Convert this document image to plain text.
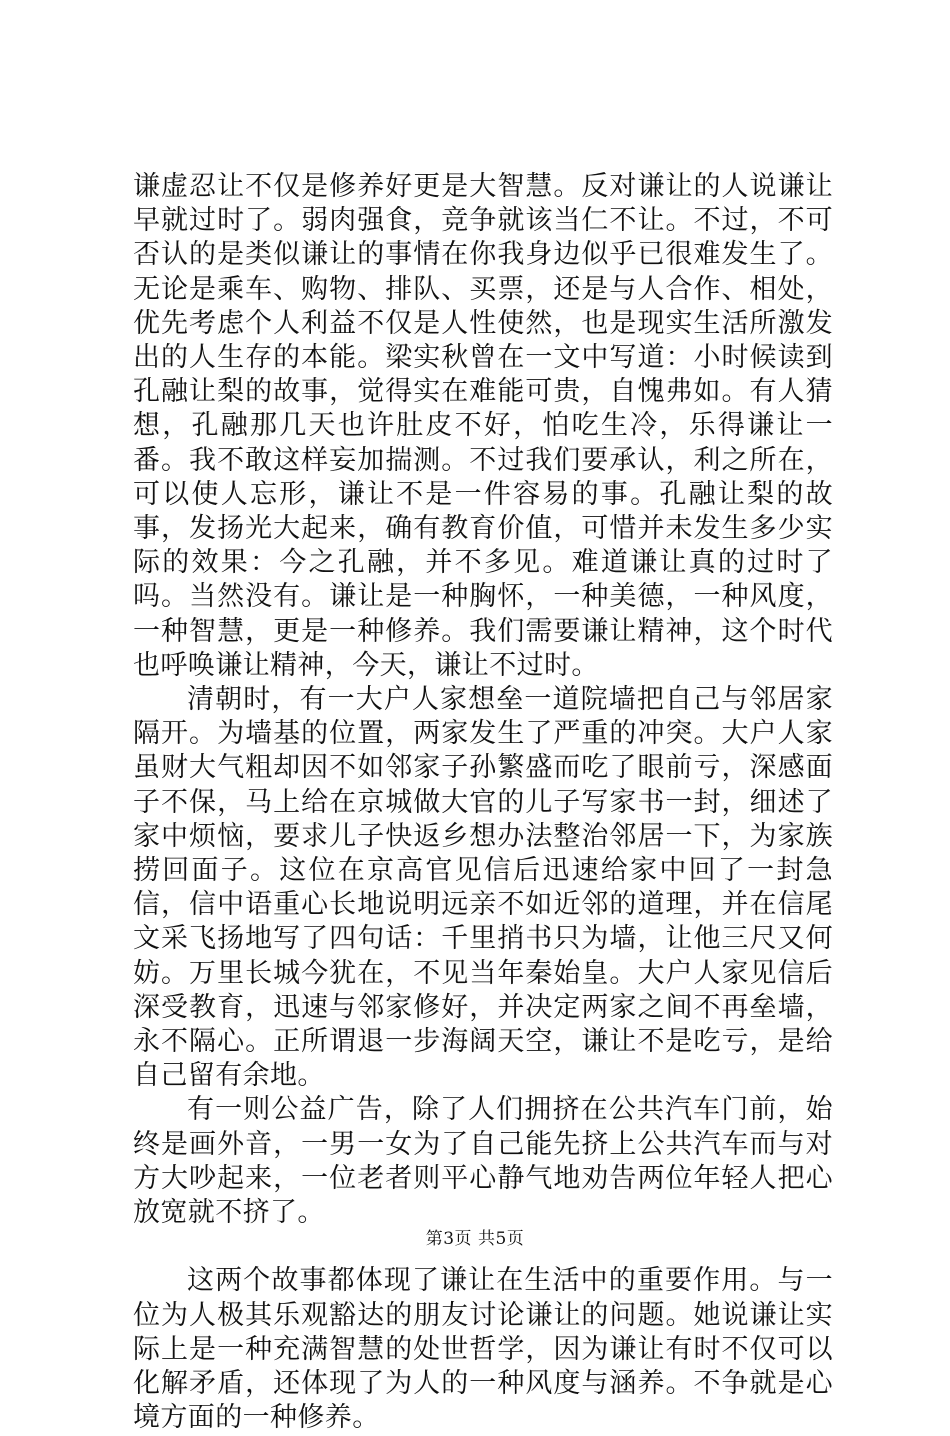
谦虚忍让不仅是修养好更是大智慧。反对谦让的人说谦让早就过时了。弱肉强食，竞争就该当仁不让。不过，不可否认的是类似谦让的事情在你我身边似乎已很难发生了。无论是乘车、购物、排队、买票，还是与人合作、相处，优先考虑个人利益不仅是人性使然，也是现实生活所激发出的人生存的本能。梁实秋曾在一文中写道：小时候读到孔融让梨的故事，觉得实在难能可贵，自愧弗如。有人猜想，孔融那几天也许肚皮不好，怕吃生冷，乐得谦让一番。我不敢这样妄加揣测。不过我们要承认，利之所在，可以使人忘形，谦让不是一件容易的事。孔融让梨的故事，发扬光大起来，确有教育价值，可惜并未发生多少实际的效果：今之孔融，并不多见。难道谦让真的过时了吗。当然没有。谦让是一种胸怀，一种美德，一种风度，一种智慧，更是一种修养。我们需要谦让精神，这个时代也呼唤谦让精神，今天，谦让不过时。

清朝时，有一大户人家想垒一道院墙把自己与邻居家隔开。为墙基的位置，两家发生了严重的冲突。大户人家虽财大气粗却因不如邻家子孙繁盛而吃了眼前亏，深感面子不保，马上给在京城做大官的儿子写家书一封，细述了家中烦恼，要求儿子快返乡想办法整治邻居一下，为家族捞回面子。这位在京高官见信后迅速给家中回了一封急信，信中语重心长地说明远亲不如近邻的道理，并在信尾文采飞扬地写了四句话：千里捎书只为墙，让他三尺又何妨。万里长城今犹在，不见当年秦始皇。大户人家见信后深受教育，迅速与邻家修好，并决定两家之间不再垒墙，永不隔心。正所谓退一步海阔天空，谦让不是吃亏，是给自己留有余地。

有一则公益广告，除了人们拥挤在公共汽车门前，始终是画外音，一男一女为了自己能先挤上公共汽车而与对方大吵起来，一位老者则平心静气地劝告两位年轻人把心放宽就不挤了。

这两个故事都体现了谦让在生活中的重要作用。与一位为人极其乐观豁达的朋友讨论谦让的问题。她说谦让实际上是一种充满智慧的处世哲学，因为谦让有时不仅可以化解矛盾，还体现了为人的一种风度与涵养。不争就是心境方面的一种修养。

第3页 共5页
